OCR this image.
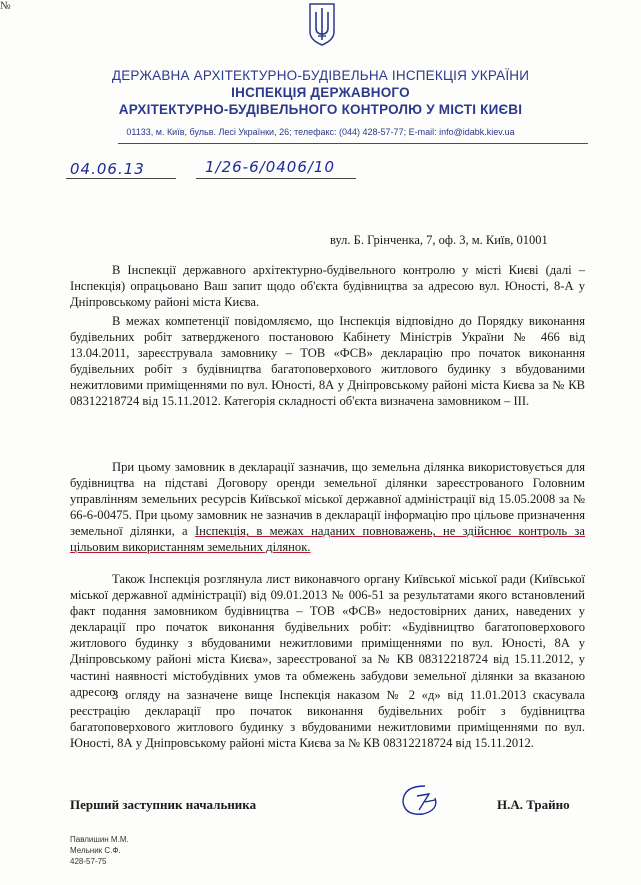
ДЕРЖАВНА АРХІТЕКТУРНО-БУДІВЕЛЬНА ІНСПЕКЦІЯ УКРАЇНИ
ІНСПЕКЦІЯ ДЕРЖАВНОГО
АРХІТЕКТУРНО-БУДІВЕЛЬНОГО КОНТРОЛЮ У МІСТІ КИЄВІ
01133, м. Київ, бульв. Лесі Українки, 26; телефакс: (044) 428-57-77; E-mail: info@idabk.kiev.ua
04.06.13
№
1/26-6/0406/10
вул. Б. Грінченка, 7, оф. 3, м. Київ, 01001
В Інспекції державного архітектурно-будівельного контролю у місті Києві (далі – Інспекція) опрацьовано Ваш запит щодо об'єкта будівництва за адресою вул. Юності, 8-А у Дніпровському районі міста Києва.
В межах компетенції повідомляємо, що Інспекція відповідно до Порядку виконання будівельних робіт затвердженого постановою Кабінету Міністрів України № 466 від 13.04.2011, зареєструвала замовнику – ТОВ «ФСВ» декларацію про початок виконання будівельних робіт з будівництва багатоповерхового житлового будинку з вбудованими нежитловими приміщеннями по вул. Юності, 8А у Дніпровському районі міста Києва за № КВ 08312218724 від 15.11.2012. Категорія складності об'єкта визначена замовником – ІІІ.
При цьому замовник в декларації зазначив, що земельна ділянка використовується для будівництва на підставі Договору оренди земельної ділянки зареєстрованого Головним управлінням земельних ресурсів Київської міської державної адміністрації від 15.05.2008 за № 66-6-00475. При цьому замовник не зазначив в декларації інформацію про цільове призначення земельної ділянки, а Інспекція, в межах наданих повноважень, не здійснює контроль за цільовим використанням земельних ділянок.
Також Інспекція розглянула лист виконавчого органу Київської міської ради (Київської міської державної адміністрації) від 09.01.2013 № 006-51 за результатами якого встановлений факт подання замовником будівництва – ТОВ «ФСВ» недостовірних даних, наведених у декларації про початок виконання будівельних робіт: «Будівництво багатоповерхового житлового будинку з вбудованими нежитловими приміщеннями по вул. Юності, 8А у Дніпровському районі міста Києва», зареєстрованої за № КВ 08312218724 від 15.11.2012, у частині наявності містобудівних умов та обмежень забудови земельної ділянки за вказаною адресою.
З огляду на зазначене вище Інспекція наказом № 2 «д» від 11.01.2013 скасувала реєстрацію декларації про початок виконання будівельних робіт з будівництва багатоповерхового житлового будинку з вбудованими нежитловими приміщеннями по вул. Юності, 8А у Дніпровському районі міста Києва за № КВ 08312218724 від 15.11.2012.
Перший заступник начальника	Н.А. Трайно
Павлишин М.М.
Мельник С.Ф.
428-57-75
